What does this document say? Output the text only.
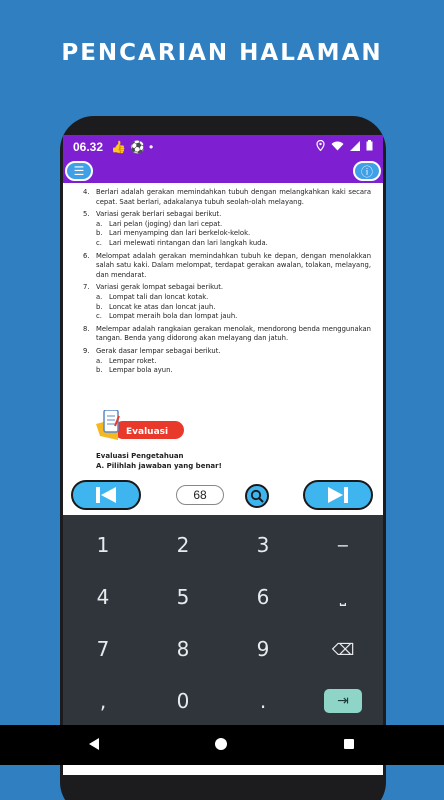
PENCARIAN HALAMAN
06.32 👍 ⚽ •
☰	ⓘ
4. Berlari adalah gerakan memindahkan tubuh dengan melangkahkan kaki secara cepat. Saat berlari, adakalanya tubuh seolah-olah melayang.
5. Variasi gerak berlari sebagai berikut.
a. Lari pelan (joging) dan lari cepat.
b. Lari menyamping dan lari berkelok-kelok.
c.	Lari melewati rintangan dan lari langkah kuda.
6. Melompat adalah gerakan memindahkan tubuh ke depan, dengan menolakkan salah satu kaki. Dalam melompat, terdapat gerakan awalan, tolakan, melayang, dan mendarat.
7. Variasi gerak lompat sebagai berikut.
a. Lompat tali dan loncat kotak.
b. Loncat ke atas dan loncat jauh.
c.	Lompat meraih bola dan lompat jauh.
8. Melempar adalah rangkaian gerakan menolak, mendorong benda menggunakan tangan. Benda yang didorong akan melayang dan jatuh.
9. Gerak dasar lempar sebagai berikut.
a. Lempar roket.
b. Lempar bola ayun.
Evaluasi
Evaluasi Pengetahuan
A. Pilihlah jawaban yang benar!
68
1	2	3	−
4	5	6	⎵
7	8	9	⌫
,	0	.	⇥
